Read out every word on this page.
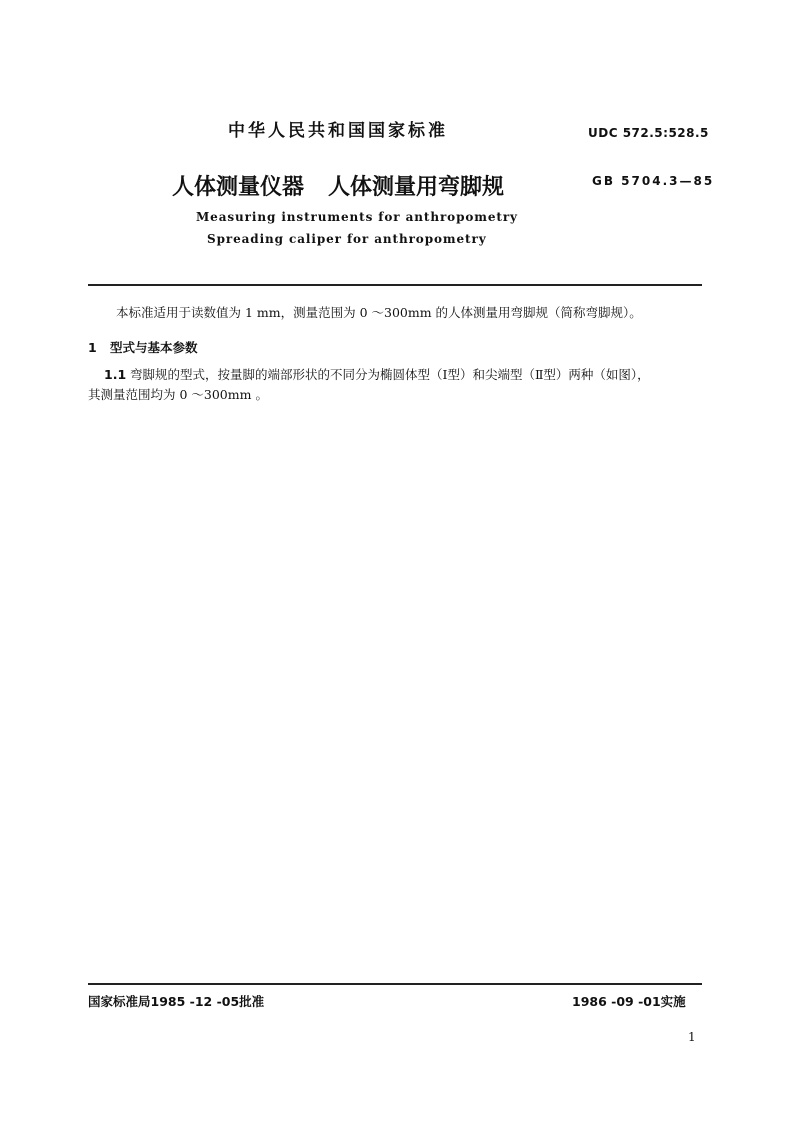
中华人民共和国国家标准	UDC 572.5:528.5
人体测量仪器 人体测量用弯脚规	GB 5704.3—85
Measuring instruments for anthropometry
Spreading caliper for anthropometry
本标准适用于读数值为 1 mm，测量范围为 0 ～300mm 的人体测量用弯脚规（简称弯脚规）。
1 型式与基本参数
1.1 弯脚规的型式，按量脚的端部形状的不同分为椭圆体型（Ⅰ型）和尖端型（Ⅱ型）两种（如图），
其测量范围均为 0 ～300mm 。
国家标准局1985 -12 -05批准	1986 -09 -01实施
1
